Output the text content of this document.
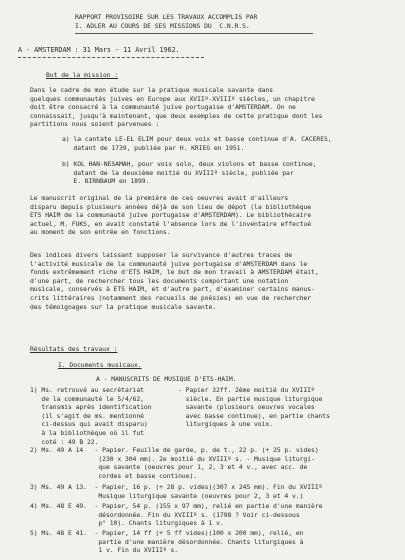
RAPPORT PROVISOIRE SUR LES TRAVAUX ACCOMPLIS PAR
I. ADLER AU COURS DE SES MISSIONS DU  C.N.R.S.
A - AMSTERDAM : 31 Mars - 11 Avril 1962.
But de la mission :
Dans le cadre de mon étude sur la pratique musicale savante dans
quelques communautés juives en Europe aux XVIIº-XVIIIº siècles, un chapitre
doit être consacré à la communauté juive portugaise d'AMSTERDAM. On ne
connaissait, jusqu'à maintenant, que deux exemples de cette pratique dont les
partitions nous soient parvenues :
a) la cantate LE-EL ELIM pour deux voix et basse continue d'A. CACERES,
datant de 1739, publiée par H. KRIEG en 1951.
b) KOL HAN-NESAMAH, pour voix solo, deux violons et basse continue,
datant de la deuxième moitié du XVIIIº siècle, publiée par
E. BIRNBAUM en 1899.
Le manuscrit original de la première de ces oeuvres avait d'ailleurs
disparu depuis plusieurs années déjà de son lieu de dépot (la bibliothèque
ETS HAIM de la communauté juive portugaise d'AMSTERDAM). Le bibliothécaire
actuel, M. FUKS, en avait constaté l'absence lors de l'inventaire effectué
au moment de son entrée en fonctions.
Des indices divers laissant supposer la survivance d'autres traces de
l'activité musicale de la communauté juive portugaise d'AMSTERDAM dans le
fonds extrêmement riche d'ETS HAIM, le but de mon travail à AMSTERDAM était,
d'une part, de rechercher tous les documents comportant une notation
musicale, conservés à ETS HAIM, et d'autre part, d'examiner certains manus-
crits littéraires (notamment des recueils de poésies) en vue de rechercher
des témoignages sur la pratique musicale savante.
Résultats des travaux :
I. Documents musicaux.
A - MANUSCRITS DE MUSIQUE D'ETS-HAIM.
1) Ms. retrouvé au secrétariat
de la communauté le 5/4/62,
transmis après identification
(il s'agit de ms. mentionné
ci-dessus qui avait disparu)
à la bibliothèque où il fut
coté : 49 B 22.
- Papier 32ff. 2ème moitié du XVIIIº
siècle. En partie musique liturgique
savante (plusieurs oeuvres vocales
avec basse continue), en partie chants
liturgiques à une voix.
2) Ms. 49 A 14   - Papier. Feuille de garde, p. de t., 22 p. (+ 25 p. vides)
(230 x 304 mm). 2e moitié du XVIIIº s. - Musique liturgi-
que savante (oeuvres pour 1, 2, 3 et 4 v., avec acc. de
cordes et basse continue).
3) Ms. 49 A 13.  - Papier, 16 p. (+ 28 p. vides)(307 x 245 mm). Fin du XVIIIº
Musique liturgique savante (oeuvres pour 2, 3 et 4 v.)
4) Ms. 48 E 49.  - Papier, 54 p. (155 x 97 mm), relié en partie d'une manière
désordonnée. Fin du XVIIIº s. (1798 ? Voir ci-dessous
p° 10). Chants liturgiques à 1 v.
5) Ms. 48 E 41.  - Papier, 14 ff (+ 5 ff vides)(100 x 200 mm), relié, en
partie d'une manière désordonnée. Chants liturgiques à
1 v. Fin du XVIIIº s.
